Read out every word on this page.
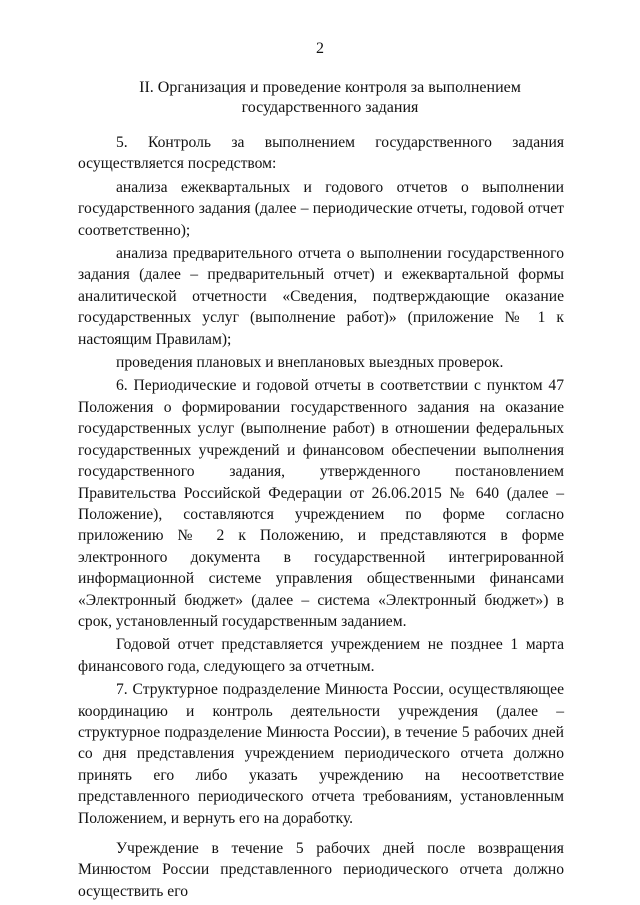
2
II. Организация и проведение контроля за выполнением
государственного задания

5. Контроль за выполнением государственного задания осуществляется посредством:

анализа ежеквартальных и годового отчетов о выполнении государственного задания (далее – периодические отчеты, годовой отчет соответственно);

анализа предварительного отчета о выполнении государственного задания (далее – предварительный отчет) и ежеквартальной формы аналитической отчетности «Сведения, подтверждающие оказание государственных услуг (выполнение работ)» (приложение № 1 к настоящим Правилам);

проведения плановых и внеплановых выездных проверок.

6. Периодические и годовой отчеты в соответствии с пунктом 47 Положения о формировании государственного задания на оказание государственных услуг (выполнение работ) в отношении федеральных государственных учреждений и финансовом обеспечении выполнения государственного задания, утвержденного постановлением Правительства Российской Федерации от 26.06.2015 № 640 (далее – Положение), составляются учреждением по форме согласно приложению № 2 к Положению, и представляются в форме электронного документа в государственной интегрированной информационной системе управления общественными финансами «Электронный бюджет» (далее – система «Электронный бюджет») в срок, установленный государственным заданием.

Годовой отчет представляется учреждением не позднее 1 марта финансового года, следующего за отчетным.

7. Структурное подразделение Минюста России, осуществляющее координацию и контроль деятельности учреждения (далее – структурное подразделение Минюста России), в течение 5 рабочих дней со дня представления учреждением периодического отчета должно принять его либо указать учреждению на несоответствие представленного периодического отчета требованиям, установленным Положением, и вернуть его на доработку.

Учреждение в течение 5 рабочих дней после возвращения Минюстом России представленного периодического отчета должно осуществить его
